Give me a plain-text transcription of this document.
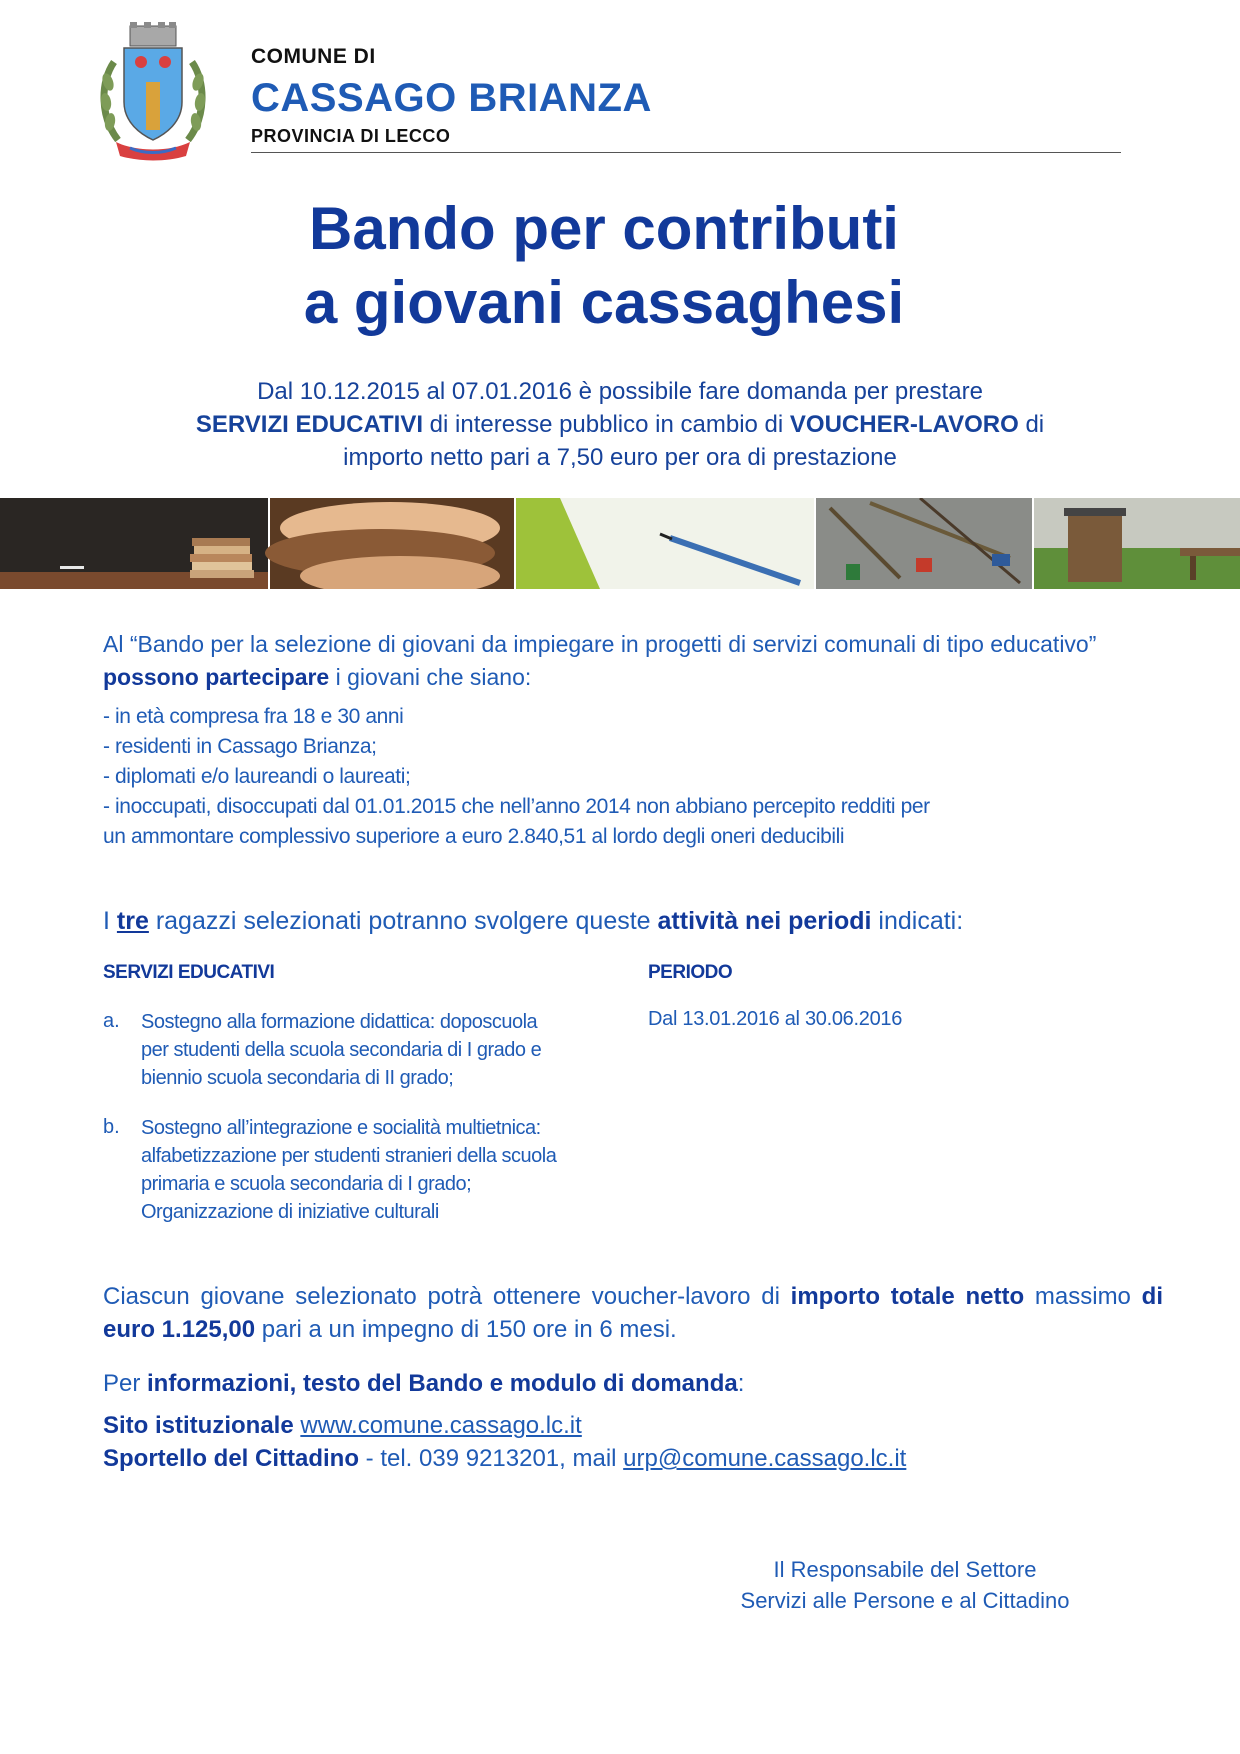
COMUNE DI
CASSAGO BRIANZA
PROVINCIA DI LECCO
Bando per contributi
a giovani cassaghesi
Dal 10.12.2015 al 07.01.2016 è possibile fare domanda per prestare
SERVIZI EDUCATIVI di interesse pubblico in cambio di VOUCHER-LAVORO di
importo netto pari a 7,50 euro per ora di prestazione
Al “Bando per la selezione di giovani da impiegare in progetti di servizi comunali di tipo educativo” possono partecipare i giovani che siano:
- in età compresa fra 18 e 30 anni
- residenti in Cassago Brianza;
- diplomati e/o laureandi o laureati;
- inoccupati, disoccupati dal 01.01.2015 che nell’anno 2014 non abbiano percepito redditi per
un ammontare complessivo superiore a euro 2.840,51 al lordo degli oneri deducibili
I tre ragazzi selezionati potranno svolgere queste attività nei periodi indicati:
SERVIZI EDUCATIVI	PERIODO
a. Sostegno alla formazione didattica: doposcuola
per studenti della scuola secondaria di I grado e
biennio scuola secondaria di II grado;
Dal 13.01.2016 al 30.06.2016
b. Sostegno all’integrazione e socialità multietnica:
alfabetizzazione per studenti stranieri della scuola
primaria e scuola secondaria di I grado;
Organizzazione di iniziative culturali
Ciascun giovane selezionato potrà ottenere voucher-lavoro di importo totale netto massimo di euro 1.125,00 pari a un impegno di 150 ore in 6 mesi.
Per informazioni, testo del Bando e modulo di domanda:
Sito istituzionale www.comune.cassago.lc.it
Sportello del Cittadino - tel. 039 9213201, mail urp@comune.cassago.lc.it
Il Responsabile del Settore
Servizi alle Persone e al Cittadino
